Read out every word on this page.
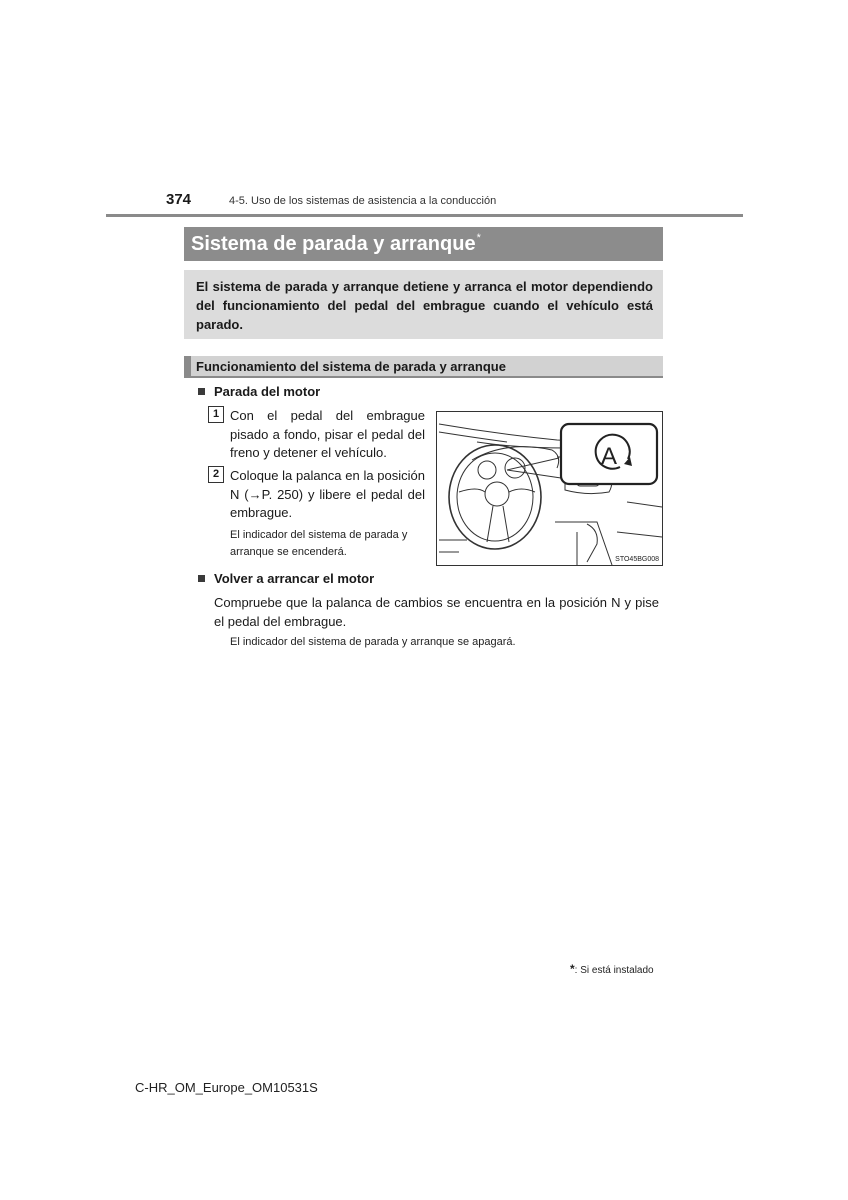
374	4-5. Uso de los sistemas de asistencia a la conducción
Sistema de parada y arranque*
El sistema de parada y arranque detiene y arranca el motor dependiendo del funcionamiento del pedal del embrague cuando el vehículo está parado.
Funcionamiento del sistema de parada y arranque
Parada del motor
1 Con el pedal del embrague pisado a fondo, pisar el pedal del freno y detener el vehículo.
2 Coloque la palanca en la posición N (→P. 250) y libere el pedal del embrague.
El indicador del sistema de parada y arranque se encenderá.
A
STO45BG008
Volver a arrancar el motor
Compruebe que la palanca de cambios se encuentra en la posición N y pise el pedal del embrague.
El indicador del sistema de parada y arranque se apagará.
*: Si está instalado
C-HR_OM_Europe_OM10531S
